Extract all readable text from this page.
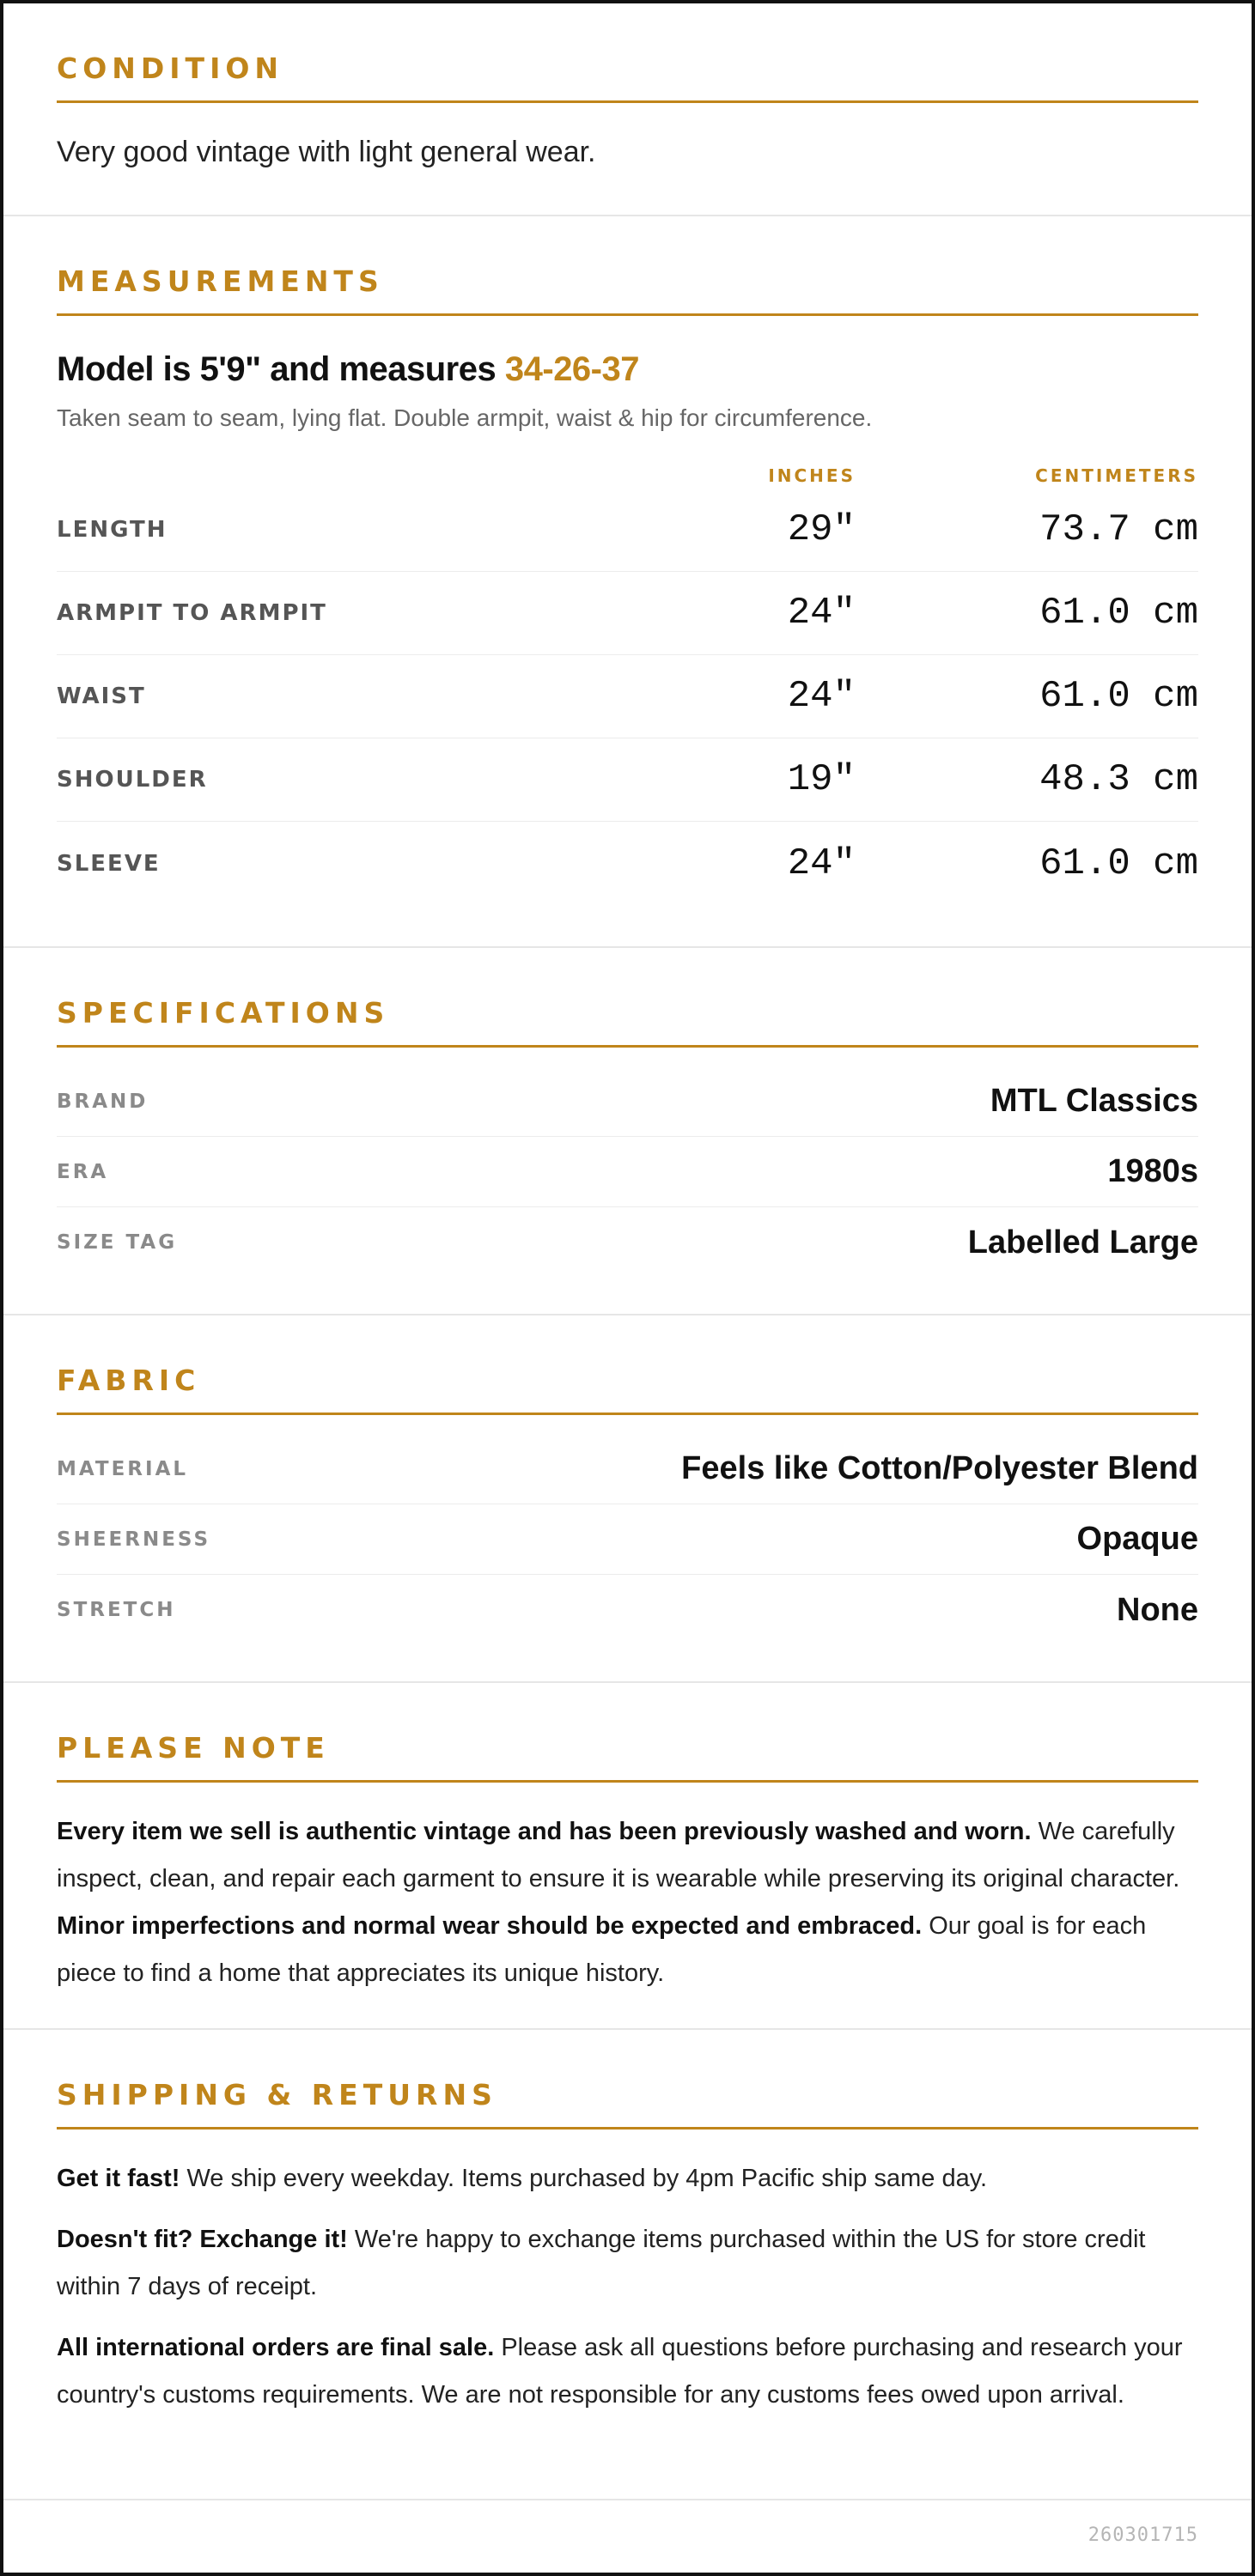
CONDITION

Very good vintage with light general wear.

MEASUREMENTS

Model is 5'9" and measures 34-26-37

Taken seam to seam, lying flat. Double armpit, waist & hip for circumference.

INCHES	CENTIMETERS
LENGTH	29"	73.7 cm
ARMPIT TO ARMPIT	24"	61.0 cm
WAIST	24"	61.0 cm
SHOULDER	19"	48.3 cm
SLEEVE	24"	61.0 cm
SPECIFICATIONS
BRAND	MTL Classics
ERA	1980s
SIZE TAG	Labelled Large
FABRIC
MATERIAL	Feels like Cotton/Polyester Blend
SHEERNESS	Opaque
STRETCH	None
PLEASE NOTE

Every item we sell is authentic vintage and has been previously washed and worn. We carefully inspect, clean, and repair each garment to ensure it is wearable while preserving its original character. Minor imperfections and normal wear should be expected and embraced. Our goal is for each piece to find a home that appreciates its unique history.

SHIPPING & RETURNS

Get it fast! We ship every weekday. Items purchased by 4pm Pacific ship same day.

Doesn't fit? Exchange it! We're happy to exchange items purchased within the US for store credit within 7 days of receipt.

All international orders are final sale. Please ask all questions before purchasing and research your country's customs requirements. We are not responsible for any customs fees owed upon arrival.

260301715
